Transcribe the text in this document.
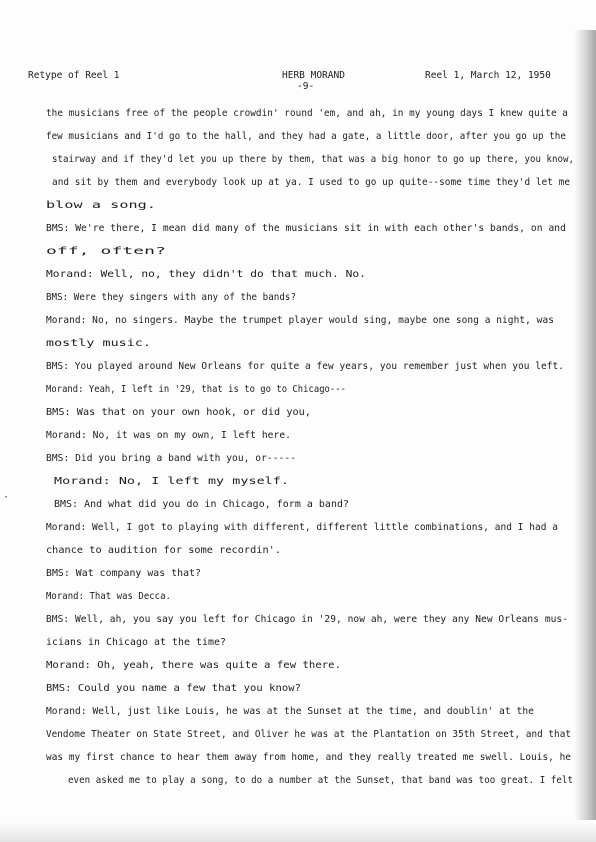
Retype of Reel 1	HERB MORAND
-9-
Reel 1, March 12, 1950
·
the musicians free of the people crowdin' round 'em, and ah, in my young days I knew quite a
few musicians and I'd go to the hall, and they had a gate, a little door, after you go up the
stairway and if they'd let you up there by them, that was a big honor to go up there, you know,
and sit by them and everybody look up at ya. I used to go up quite--some time they'd let me
blow a song.
BMS: We're there, I mean did many of the musicians sit in with each other's bands, on and
off, often?
Morand: Well, no, they didn't do that much. No.
BMS: Were they singers with any of the bands?
Morand: No, no singers. Maybe the trumpet player would sing, maybe one song a night, was
mostly music.
BMS: You played around New Orleans for quite a few years, you remember just when you left.
Morand: Yeah, I left in '29, that is to go to Chicago---
BMS: Was that on your own hook, or did you,
Morand: No, it was on my own, I left here.
BMS: Did you bring a band with you, or-----
Morand: No, I left my myself.
BMS: And what did you do in Chicago, form a band?
Morand: Well, I got to playing with different, different little combinations, and I had a
chance to audition for some recordin'.
BMS: Wat company was that?
Morand: That was Decca.
BMS: Well, ah, you say you left for Chicago in '29, now ah, were they any New Orleans mus-
icians in Chicago at the time?
Morand: Oh, yeah, there was quite a few there.
BMS: Could you name a few that you know?
Morand: Well, just like Louis, he was at the Sunset at the time, and doublin' at the
Vendome Theater on State Street, and Oliver he was at the Plantation on 35th Street, and that
was my first chance to hear them away from home, and they really treated me swell. Louis, he
even asked me to play a song, to do a number at the Sunset, that band was too great. I felt
